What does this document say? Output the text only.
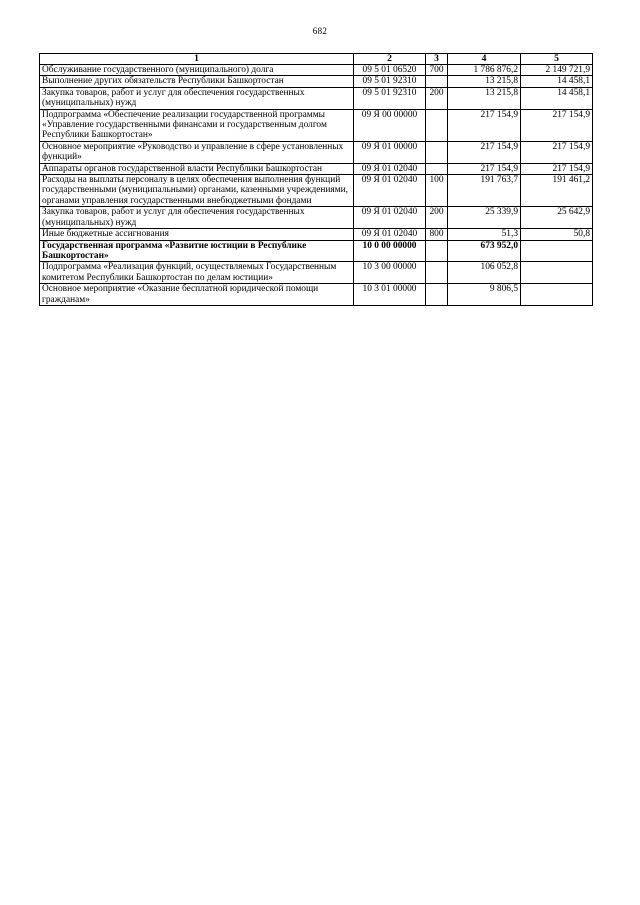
682
1	2	3	4	5
Обслуживание государственного (муниципального) долга	09 5 01 06520	700	1 786 876,2	2 149 721,9
Выполнение других обязательств Республики Башкортостан	09 5 01 92310		13 215,8	14 458,1
Закупка товаров, работ и услуг для обеспечения государственных (муниципальных) нужд	09 5 01 92310	200	13 215,8	14 458,1
Подпрограмма «Обеспечение реализации государственной программы «Управление государственными финансами и государственным долгом Республики Башкортостан»	09 Я 00 00000		217 154,9	217 154,9
Основное мероприятие «Руководство и управление в сфере установленных функций»	09 Я 01 00000		217 154,9	217 154,9
Аппараты органов государственной власти Республики Башкортостан	09 Я 01 02040		217 154,9	217 154,9
Расходы на выплаты персоналу в целях обеспечения выполнения функций государственными (муниципальными) органами, казенными учреждениями, органами управления государственными внебюджетными фондами	09 Я 01 02040	100	191 763,7	191 461,2
Закупка товаров, работ и услуг для обеспечения государственных (муниципальных) нужд	09 Я 01 02040	200	25 339,9	25 642,9
Иные бюджетные ассигнования	09 Я 01 02040	800	51,3	50,8
Государственная программа «Развитие юстиции в Республике Башкортостан»	10 0 00 00000		673 952,0	
Подпрограмма «Реализация функций, осуществляемых Государственным комитетом Республики Башкортостан по делам юстиции»	10 3 00 00000		106 052,8	
Основное мероприятие «Оказание бесплатной юридической помощи гражданам»	10 3 01 00000		9 806,5	
